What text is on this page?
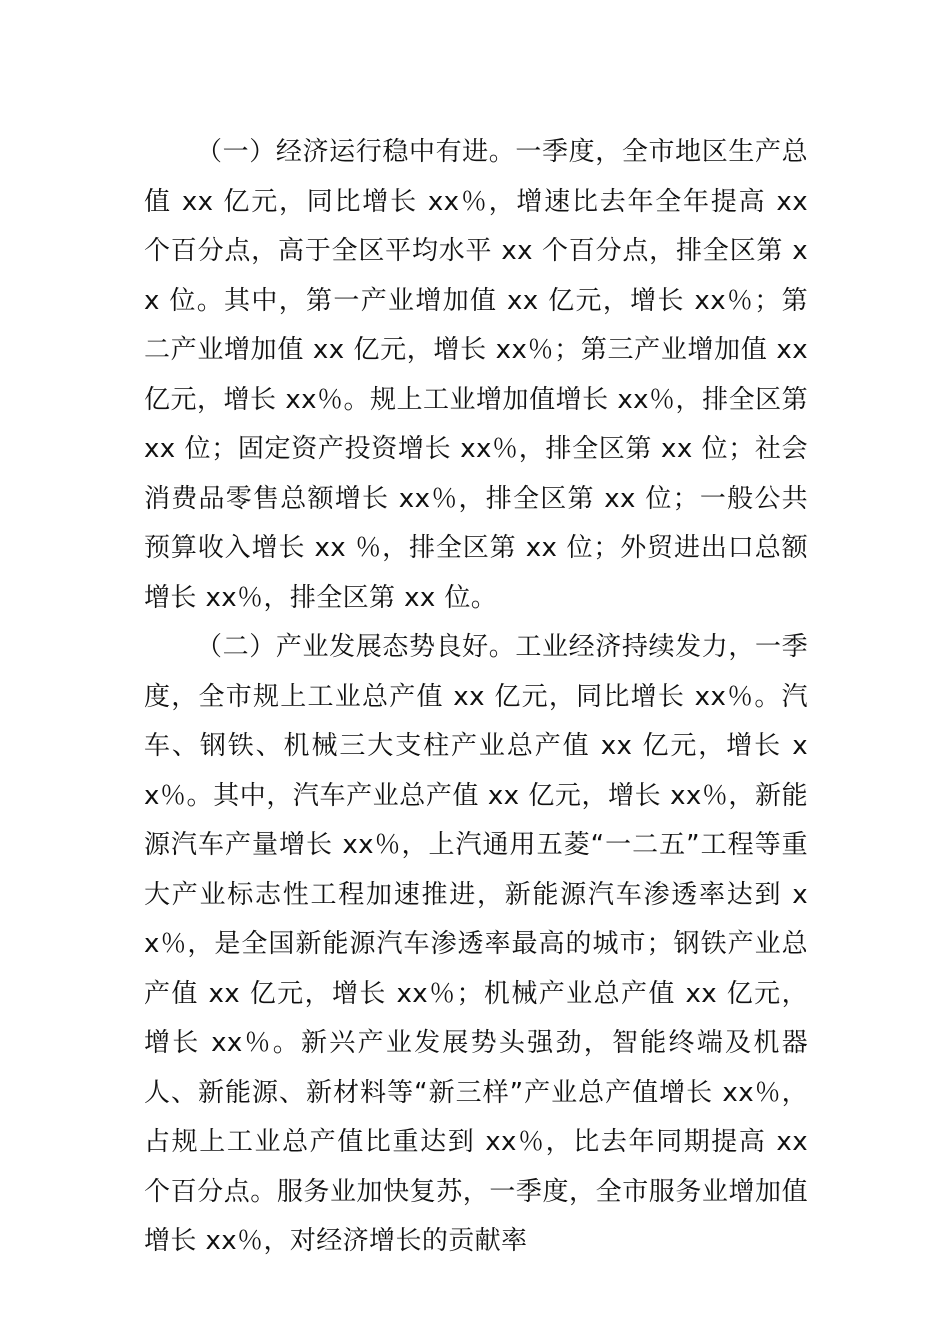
（一）经济运行稳中有进。一季度，全市地区生产总值 xx 亿元，同比增长 xx％，增速比去年全年提高 xx 个百分点，高于全区平均水平 xx 个百分点，排全区第 xx 位。其中，第一产业增加值 xx 亿元，增长 xx％；第二产业增加值 xx 亿元，增长 xx％；第三产业增加值 xx 亿元，增长 xx％。规上工业增加值增长 xx％，排全区第 xx 位；固定资产投资增长 xx％，排全区第 xx 位；社会消费品零售总额增长 xx％，排全区第 xx 位；一般公共预算收入增长 xx ％，排全区第 xx 位；外贸进出口总额增长 xx％，排全区第 xx 位。

（二）产业发展态势良好。工业经济持续发力，一季度，全市规上工业总产值 xx 亿元，同比增长 xx％。汽车、钢铁、机械三大支柱产业总产值 xx 亿元，增长 xx％。其中，汽车产业总产值 xx 亿元，增长 xx％，新能源汽车产量增长 xx％，上汽通用五菱“一二五”工程等重大产业标志性工程加速推进，新能源汽车渗透率达到 xx％，是全国新能源汽车渗透率最高的城市；钢铁产业总产值 xx 亿元，增长 xx％；机械产业总产值 xx 亿元，增长 xx％。新兴产业发展势头强劲，智能终端及机器人、新能源、新材料等“新三样”产业总产值增长 xx％，占规上工业总产值比重达到 xx％，比去年同期提高 xx 个百分点。服务业加快复苏，一季度，全市服务业增加值增长 xx％，对经济增长的贡献率
